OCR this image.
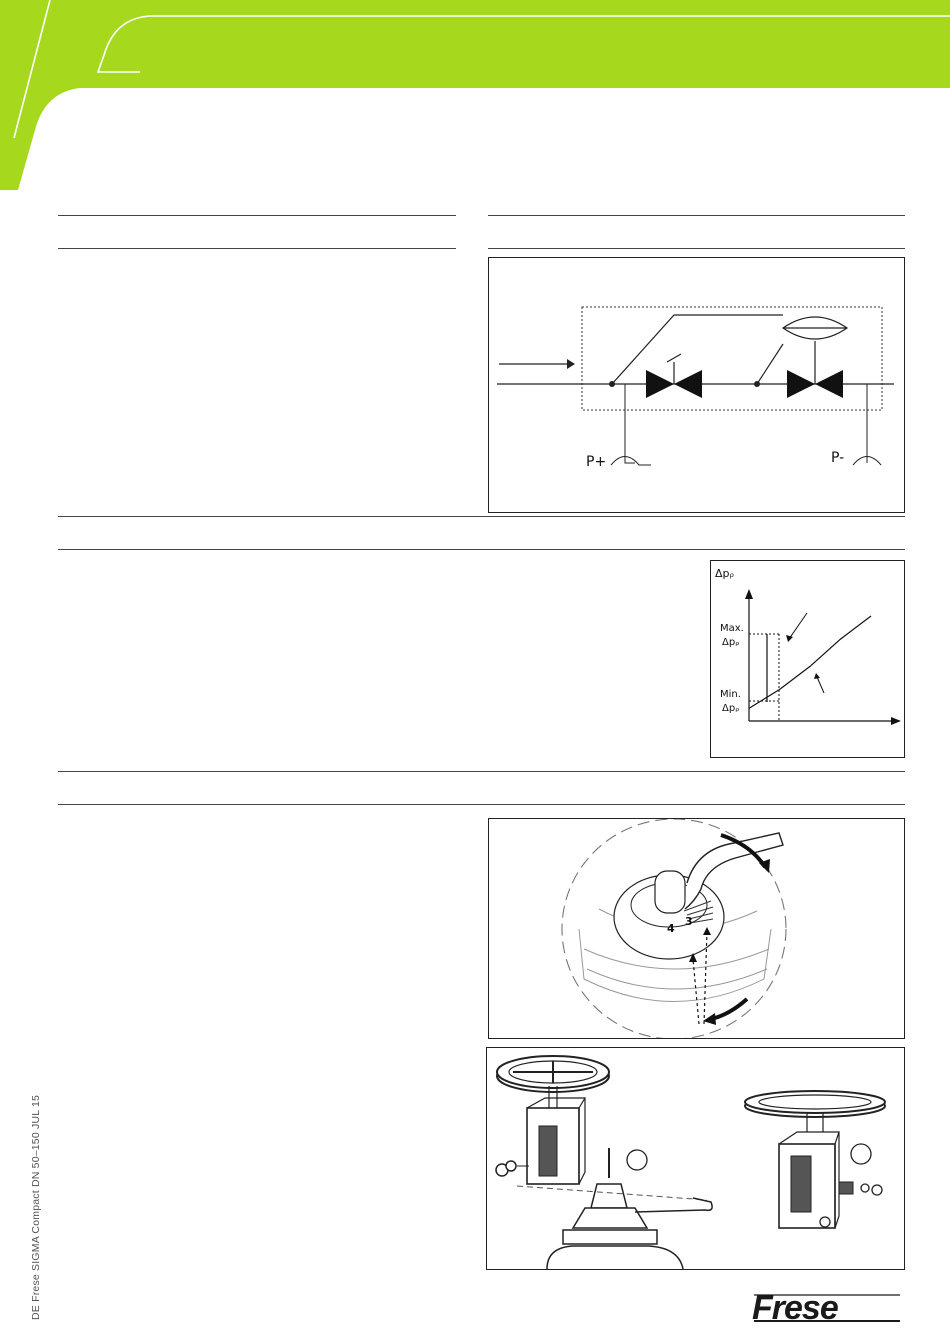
P+	P-
Δpᵨ
Max.
Δpᵨ
Min.
Δpᵨ
3
4
DE Frese SIGMA Compact DN 50–150 JUL 15	Frese
